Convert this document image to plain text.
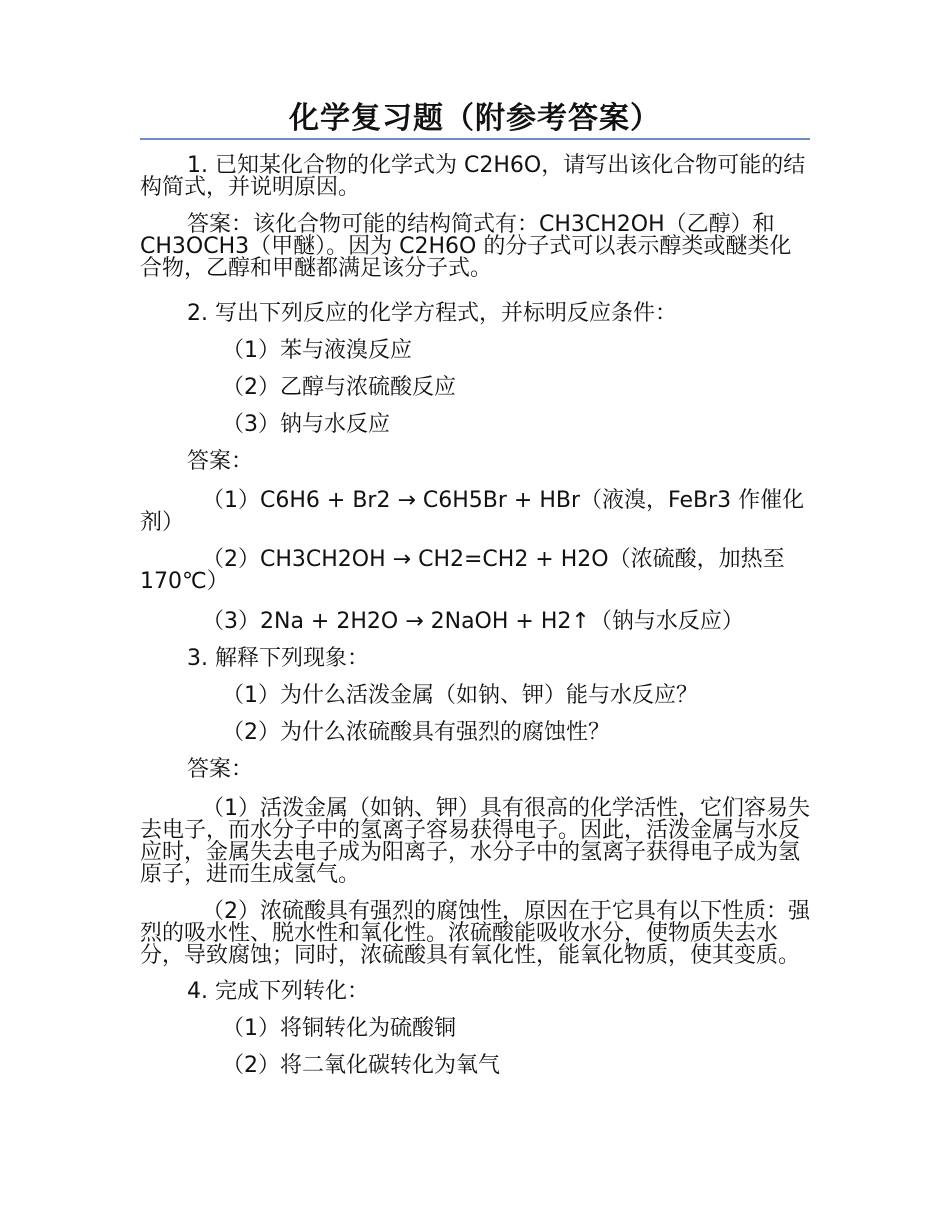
化学复习题（附参考答案）

1. 已知某化合物的化学式为 C2H6O，请写出该化合物可能的结构简式，并说明原因。

答案：该化合物可能的结构简式有：CH3CH2OH（乙醇）和 CH3OCH3（甲醚）。因为 C2H6O 的分子式可以表示醇类或醚类化合物，乙醇和甲醚都满足该分子式。

2. 写出下列反应的化学方程式，并标明反应条件：

（1）苯与液溴反应

（2）乙醇与浓硫酸反应

（3）钠与水反应

答案：

（1）C6H6 + Br2 → C6H5Br + HBr（液溴，FeBr3 作催化剂）

（2）CH3CH2OH → CH2=CH2 + H2O（浓硫酸，加热至 170℃）

（3）2Na + 2H2O → 2NaOH + H2↑（钠与水反应）

3. 解释下列现象：

（1）为什么活泼金属（如钠、钾）能与水反应？

（2）为什么浓硫酸具有强烈的腐蚀性？

答案：

（1）活泼金属（如钠、钾）具有很高的化学活性，它们容易失去电子，而水分子中的氢离子容易获得电子。因此，活泼金属与水反应时，金属失去电子成为阳离子，水分子中的氢离子获得电子成为氢原子，进而生成氢气。

（2）浓硫酸具有强烈的腐蚀性，原因在于它具有以下性质：强烈的吸水性、脱水性和氧化性。浓硫酸能吸收水分，使物质失去水分，导致腐蚀；同时，浓硫酸具有氧化性，能氧化物质，使其变质。

4. 完成下列转化：

（1）将铜转化为硫酸铜

（2）将二氧化碳转化为氧气
